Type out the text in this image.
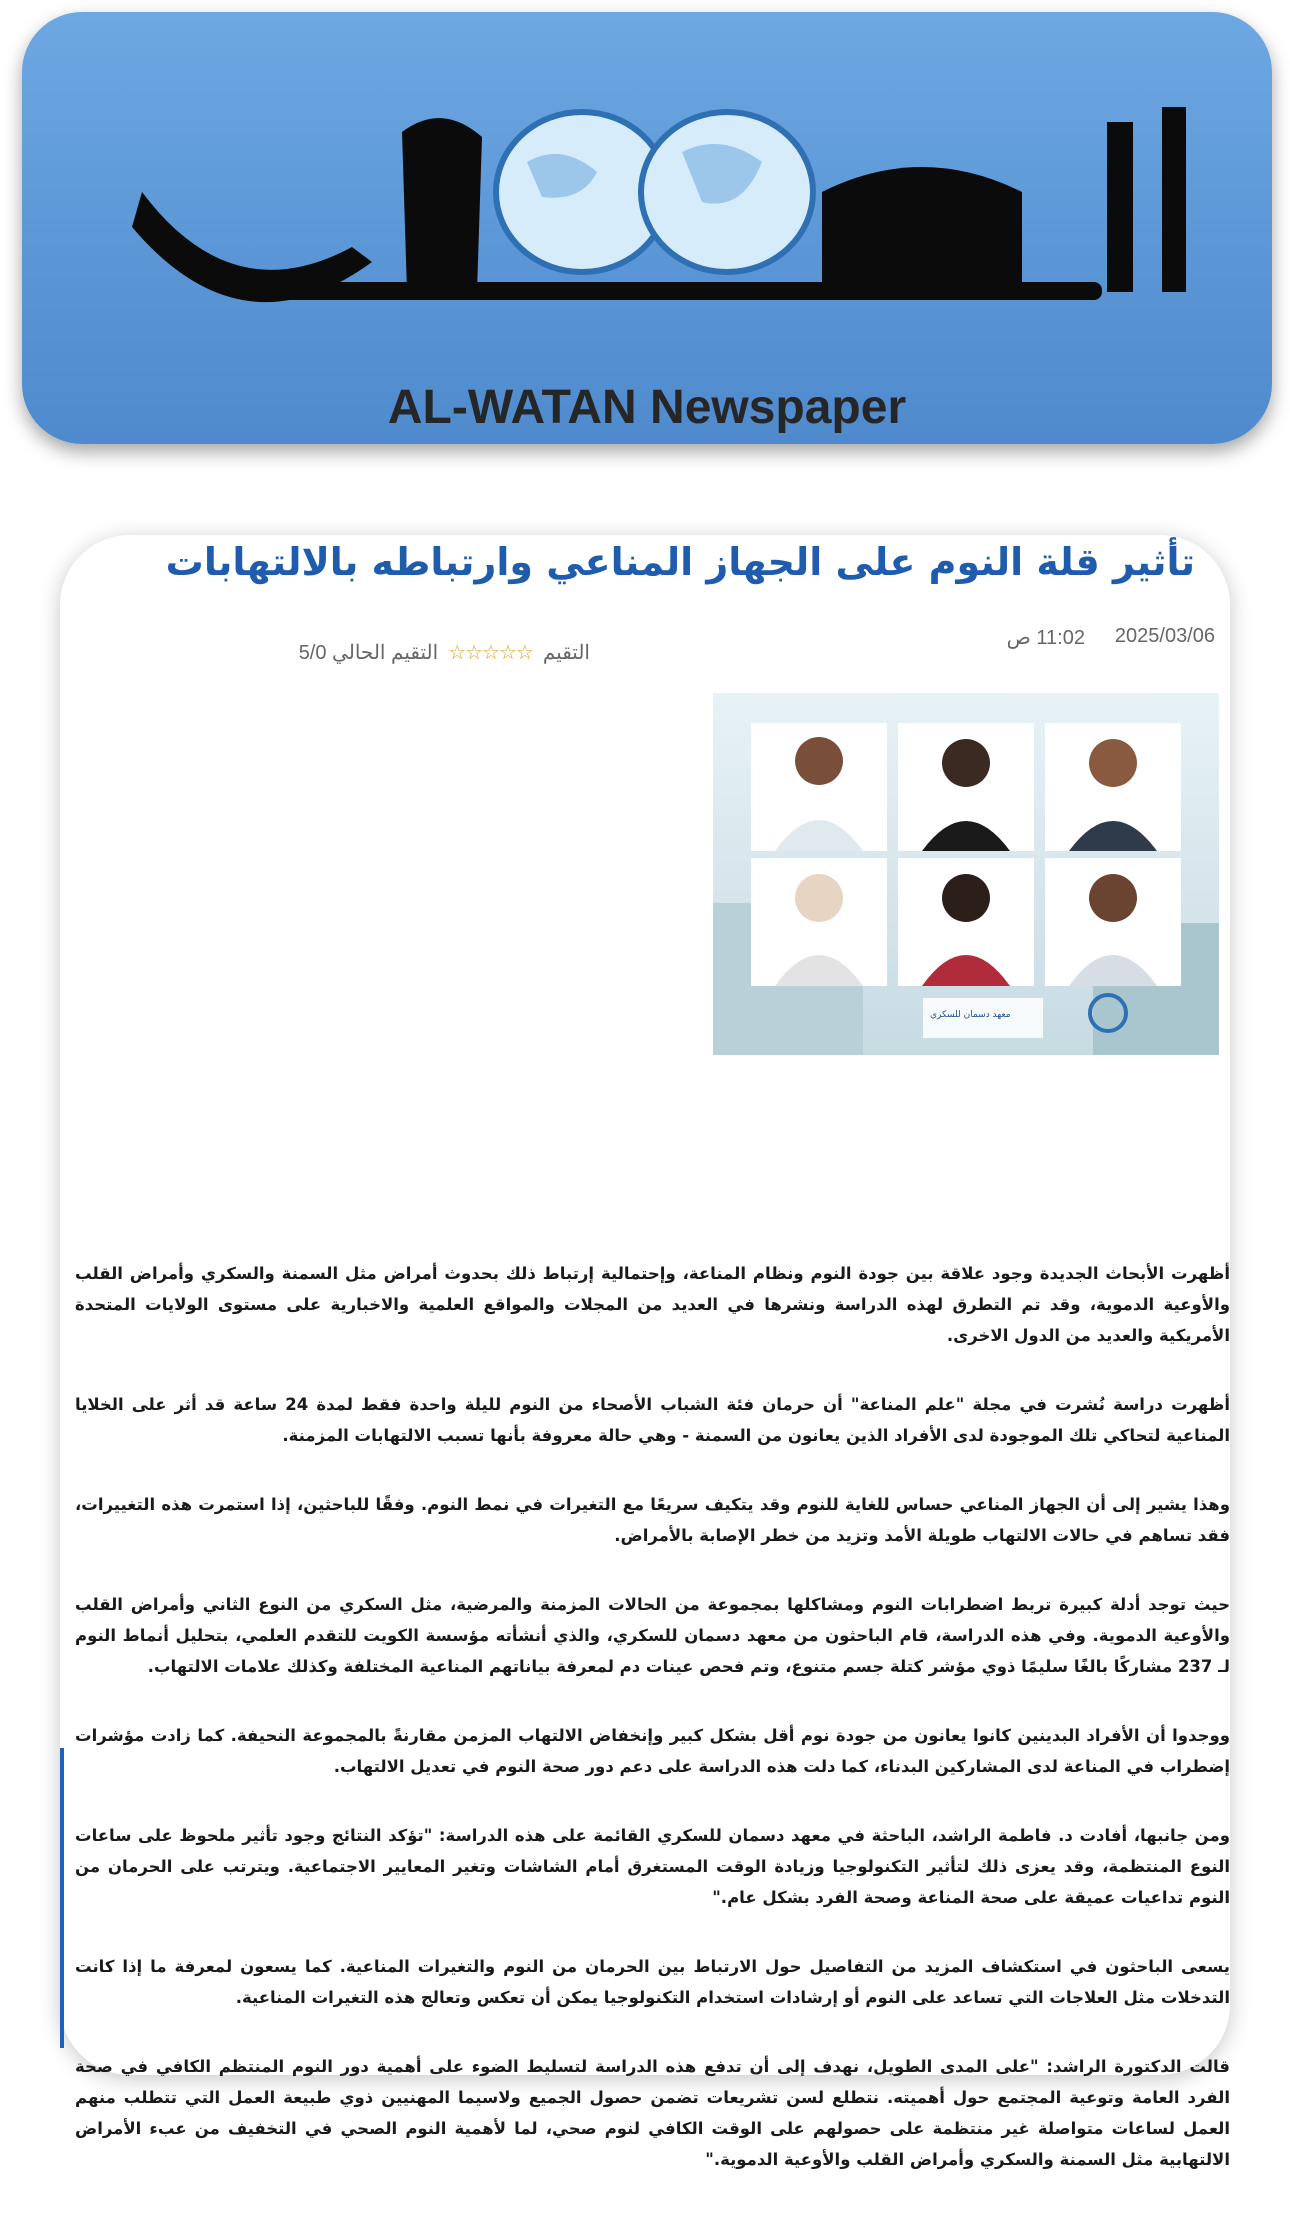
AL-WATAN Newspaper
تأثير قلة النوم على الجهاز المناعي وارتباطه بالالتهابات
2025/03/06
11:02 ص
التقيم
☆☆☆☆☆
التقيم الحالي 5/0
معهد دسمان للسكري

أظهرت الأبحاث الجديدة وجود علاقة بين جودة النوم ونظام المناعة، وإحتمالية إرتباط ذلك بحدوث أمراض مثل السمنة والسكري وأمراض القلب والأوعية الدموية، وقد تم التطرق لهذه الدراسة ونشرها في العديد من المجلات والمواقع العلمية والاخبارية على مستوى الولايات المتحدة الأمريكية والعديد من الدول الاخرى.

أظهرت دراسة نُشرت في مجلة "علم المناعة" أن حرمان فئة الشباب الأصحاء من النوم لليلة واحدة فقط لمدة 24 ساعة قد أثر على الخلايا المناعية لتحاكي تلك الموجودة لدى الأفراد الذين يعانون من السمنة - وهي حالة معروفة بأنها تسبب الالتهابات المزمنة.

وهذا يشير إلى أن الجهاز المناعي حساس للغاية للنوم وقد يتكيف سريعًا مع التغيرات في نمط النوم. وفقًا للباحثين، إذا استمرت هذه التغييرات، فقد تساهم في حالات الالتهاب طويلة الأمد وتزيد من خطر الإصابة بالأمراض.

حيث توجد أدلة كبيرة تربط اضطرابات النوم ومشاكلها بمجموعة من الحالات المزمنة والمرضية، مثل السكري من النوع الثاني وأمراض القلب والأوعية الدموية. وفي هذه الدراسة، قام الباحثون من معهد دسمان للسكري، والذي أنشأته مؤسسة الكويت للتقدم العلمي، بتحليل أنماط النوم لـ 237 مشاركًا بالغًا سليمًا ذوي مؤشر كتلة جسم متنوع، وتم فحص عينات دم لمعرفة بياناتهم المناعية المختلفة وكذلك علامات الالتهاب.

ووجدوا أن الأفراد البدينين كانوا يعانون من جودة نوم أقل بشكل كبير وإنخفاض الالتهاب المزمن مقارنةً بالمجموعة النحيفة. كما زادت مؤشرات إضطراب في المناعة لدى المشاركين البدناء، كما دلت هذه الدراسة على دعم دور صحة النوم في تعديل الالتهاب.

ومن جانبها، أفادت د. فاطمة الراشد، الباحثة في معهد دسمان للسكري القائمة على هذه الدراسة: "تؤكد النتائج وجود تأثير ملحوظ على ساعات النوع المنتظمة، وقد يعزى ذلك لتأثير التكنولوجيا وزيادة الوقت المستغرق أمام الشاشات وتغير المعايير الاجتماعية. ويترتب على الحرمان من النوم تداعيات عميقة على صحة المناعة وصحة الفرد بشكل عام."

يسعى الباحثون في استكشاف المزيد من التفاصيل حول الارتباط بين الحرمان من النوم والتغيرات المناعية. كما يسعون لمعرفة ما إذا كانت التدخلات مثل العلاجات التي تساعد على النوم أو إرشادات استخدام التكنولوجيا يمكن أن تعكس وتعالج هذه التغيرات المناعية.

قالت الدكتورة الراشد: "على المدى الطويل، نهدف إلى أن تدفع هذه الدراسة لتسليط الضوء على أهمية دور النوم المنتظم الكافي في صحة الفرد العامة وتوعية المجتمع حول أهميته. نتطلع لسن تشريعات تضمن حصول الجميع ولاسيما المهنيين ذوي طبيعة العمل التي تتطلب منهم العمل لساعات متواصلة غير منتظمة على حصولهم على الوقت الكافي لنوم صحي، لما لأهمية النوم الصحي في التخفيف من عبء الأمراض الالتهابية مثل السمنة والسكري وأمراض القلب والأوعية الدموية."
